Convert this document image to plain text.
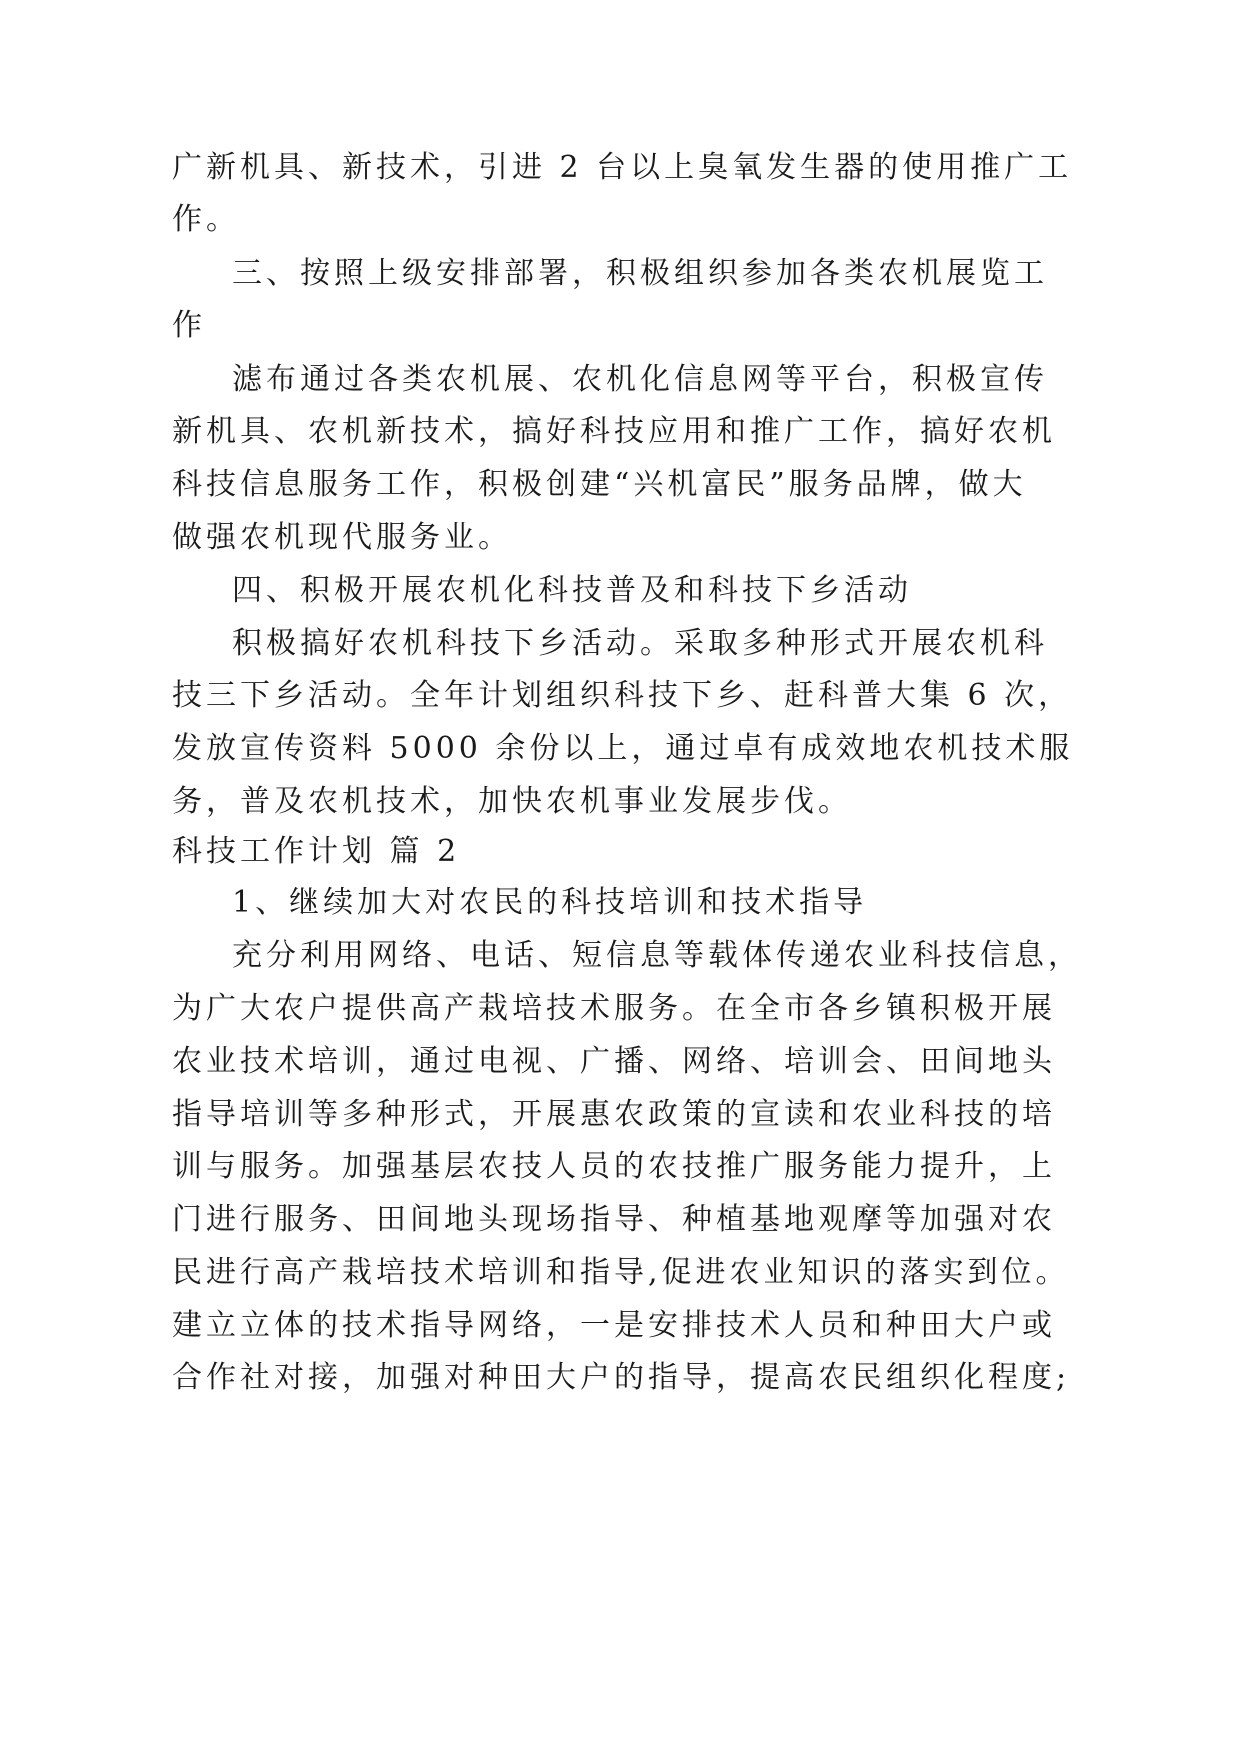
广新机具、新技术，引进 2 台以上臭氧发生器的使用推广工
作。
三、按照上级安排部署，积极组织参加各类农机展览工
作
滤布通过各类农机展、农机化信息网等平台，积极宣传
新机具、农机新技术，搞好科技应用和推广工作，搞好农机
科技信息服务工作，积极创建“兴机富民”服务品牌，做大
做强农机现代服务业。
四、积极开展农机化科技普及和科技下乡活动
积极搞好农机科技下乡活动。采取多种形式开展农机科
技三下乡活动。全年计划组织科技下乡、赶科普大集 6 次，
发放宣传资料 5000 余份以上，通过卓有成效地农机技术服
务，普及农机技术，加快农机事业发展步伐。
科技工作计划 篇 2
1、继续加大对农民的科技培训和技术指导
充分利用网络、电话、短信息等载体传递农业科技信息，
为广大农户提供高产栽培技术服务。在全市各乡镇积极开展
农业技术培训，通过电视、广播、网络、培训会、田间地头
指导培训等多种形式，开展惠农政策的宣读和农业科技的培
训与服务。加强基层农技人员的农技推广服务能力提升，上
门进行服务、田间地头现场指导、种植基地观摩等加强对农
民进行高产栽培技术培训和指导,促进农业知识的落实到位。
建立立体的技术指导网络，一是安排技术人员和种田大户或
合作社对接，加强对种田大户的指导，提高农民组织化程度;
